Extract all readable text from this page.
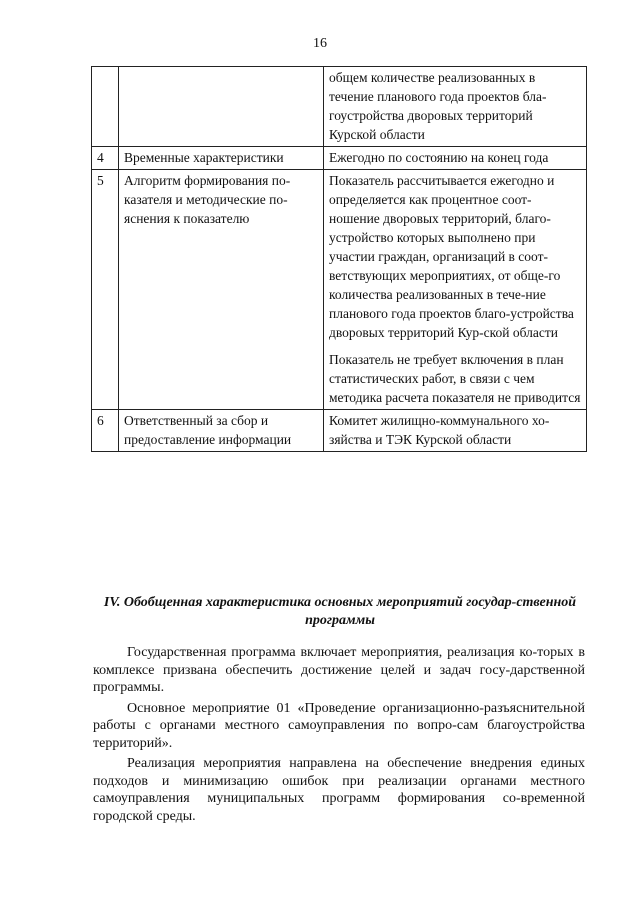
16

		общем количестве реализованных в течение планового года проектов бла-гоустройства дворовых территорий Курской области

4	Временные характеристики	Ежегодно по состоянию на конец года

5	Алгоритм формирования по-казателя и методические по-яснения к показателю	Показатель рассчитывается ежегодно и определяется как процентное соот-ношение дворовых территорий, благо-устройство которых выполнено при участии граждан, организаций в соот-ветствующих мероприятиях, от обще-го количества реализованных в тече-ние планового года проектов благо-устройства дворовых территорий Кур-ской области

Показатель не требует включения в план статистических работ, в связи с чем методика расчета показателя не приводится

6	Ответственный за сбор и предоставление информации	Комитет жилищно-коммунального хо-зяйства и ТЭК Курской области

IV. Обобщенная характеристика основных мероприятий государ-ственной программы

Государственная программа включает мероприятия, реализация ко-торых в комплексе призвана обеспечить достижение целей и задач госу-дарственной программы.

Основное мероприятие 01 «Проведение организационно-разъяснительной работы с органами местного самоуправления по вопро-сам благоустройства территорий».

Реализация мероприятия направлена на обеспечение внедрения единых подходов и минимизацию ошибок при реализации органами местного самоуправления муниципальных программ формирования со-временной городской среды.
